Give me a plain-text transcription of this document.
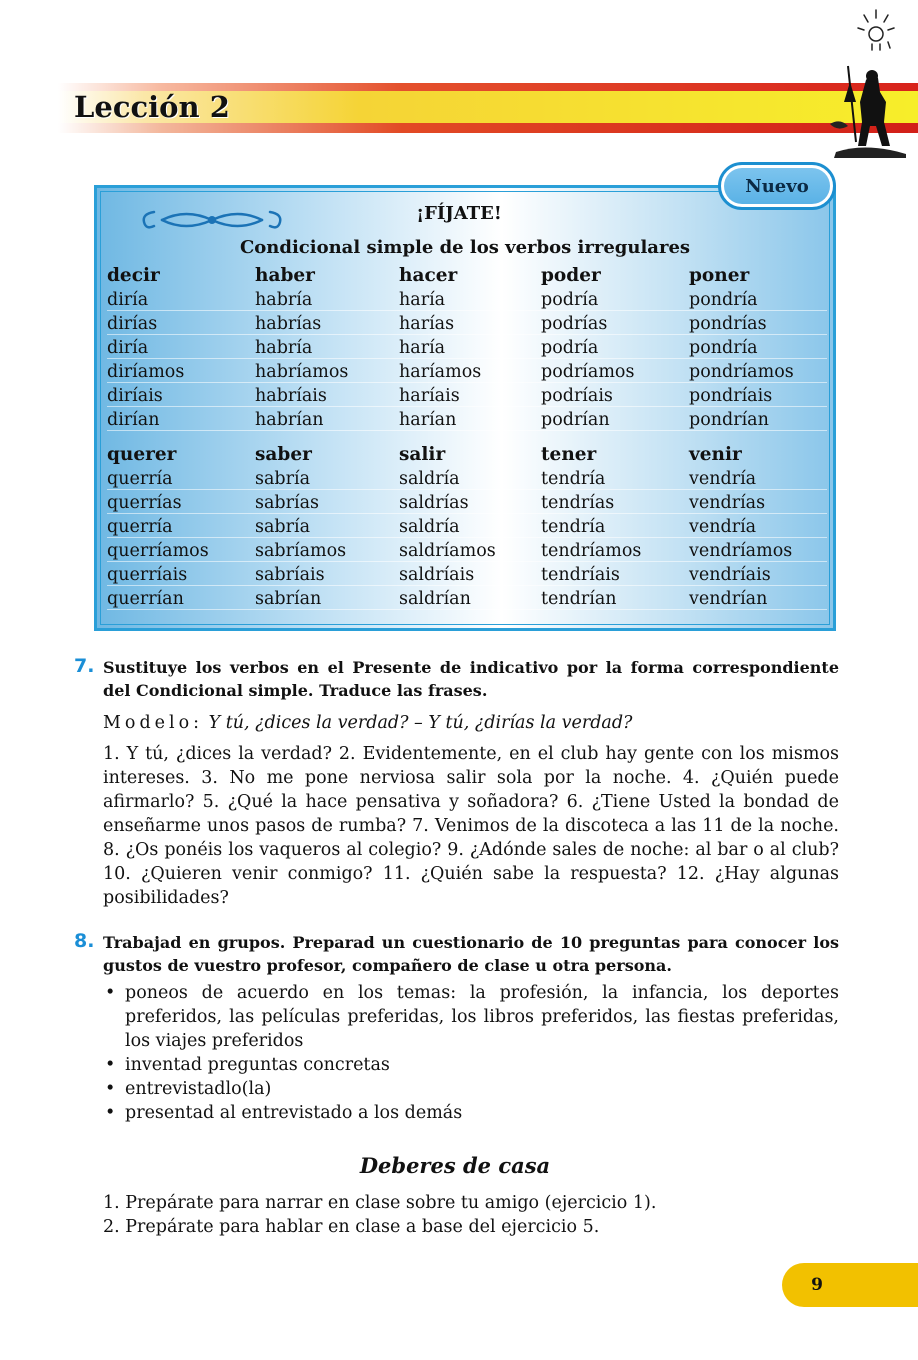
Lección 2
Nuevo

¡FÍJATE!

Condicional simple de los verbos irregulares

decir	haber	hacer	poder	poner
diría	habría	haría	podría	pondría
dirías	habrías	harías	podrías	pondrías
diría	habría	haría	podría	pondría
diríamos	habríamos	haríamos	podríamos	pondríamos
diríais	habríais	haríais	podríais	pondríais
dirían	habrían	harían	podrían	pondrían
querer	saber	salir	tener	venir
querría	sabría	saldría	tendría	vendría
querrías	sabrías	saldrías	tendrías	vendrías
querría	sabría	saldría	tendría	vendría
querríamos	sabríamos	saldríamos	tendríamos	vendríamos
querríais	sabríais	saldríais	tendríais	vendríais
querrían	sabrían	saldrían	tendrían	vendrían
7. Sustituye los verbos en el Presente de indicativo por la forma correspondiente del Condicional simple. Traduce las frases.

Modelo: Y tú, ¿dices la verdad? – Y tú, ¿dirías la verdad?

1. Y tú, ¿dices la verdad? 2. Evidentemente, en el club hay gente con los mismos intereses. 3. No me pone nerviosa salir sola por la noche. 4. ¿Quién puede afirmarlo? 5. ¿Qué la hace pensativa y soñadora? 6. ¿Tiene Usted la bondad de enseñarme unos pasos de rumba? 7. Venimos de la discoteca a las 11 de la noche. 8. ¿Os ponéis los vaqueros al colegio? 9. ¿Adónde sales de noche: al bar o al club? 10. ¿Quieren venir conmigo? 11. ¿Quién sabe la respuesta? 12. ¿Hay algunas posibilidades?

8. Trabajad en grupos. Preparad un cuestionario de 10 preguntas para conocer los gustos de vuestro profesor, compañero de clase u otra persona.

• poneos de acuerdo en los temas: la profesión, la infancia, los deportes preferidos, las películas preferidas, los libros preferidos, las fiestas preferidas, los viajes preferidos
• inventad preguntas concretas
• entrevistadlo(la)
• presentad al entrevistado a los demás

Deberes de casa

1. Prepárate para narrar en clase sobre tu amigo (ejercicio 1).
2. Prepárate para hablar en clase a base del ejercicio 5.
9
